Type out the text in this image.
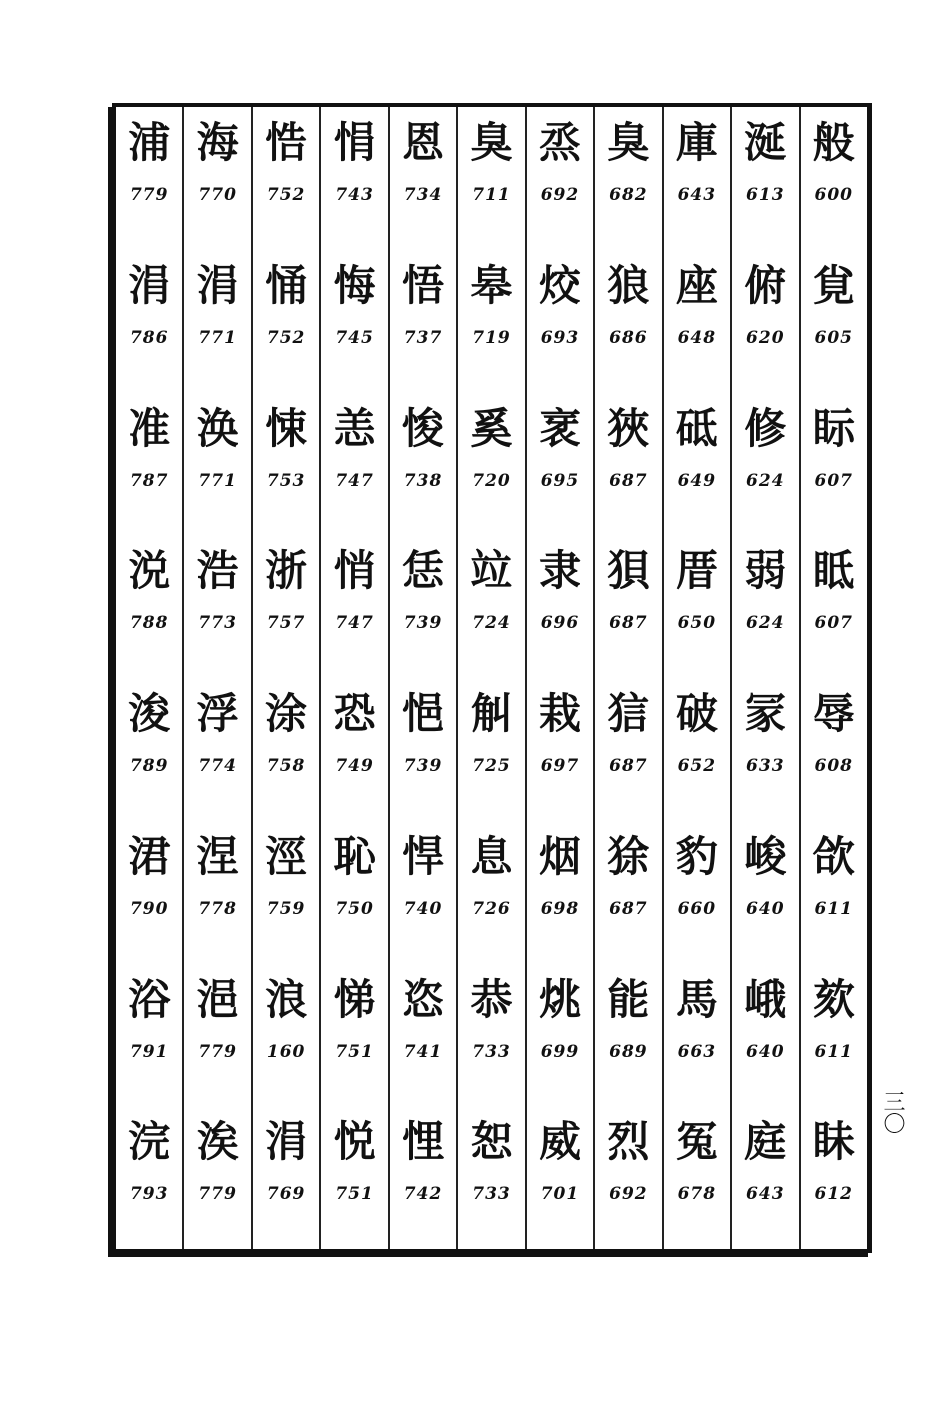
浦
779
涓
786
准
787
涚
788
浚
789
涒
790
浴
791
浣
793
海
770
涓
771
涣
771
浩
773
浮
774
涅
778
浥
779
涘
779
悎
752
悀
752
悚
753
浙
757
涂
758
涇
759
浪
160
涓
769
悁
743
悔
745
恙
747
悄
747
恐
749
恥
750
悌
751
悦
751
恩
734
悟
737
悛
738
恁
739
悒
739
悍
740
恣
741
悝
742
臭
711
皋
719
奚
720
竝
724
觓
725
息
726
恭
733
恕
733
烝
692
烄
693
衺
695
隶
696
栽
697
烟
698
烑
699
威
701
臭
682
狼
686
狹
687
狽
687
狺
687
狳
687
能
689
烈
692
庫
643
座
648
砥
649
厝
650
破
652
豹
660
馬
663
冤
678
涎
613
俯
620
修
624
弱
624
冡
633
峻
640
峨
640
庭
643
般
600
覍
605
眎
607
眡
607
辱
608
欱
611
欬
611
眛
612
三〇
